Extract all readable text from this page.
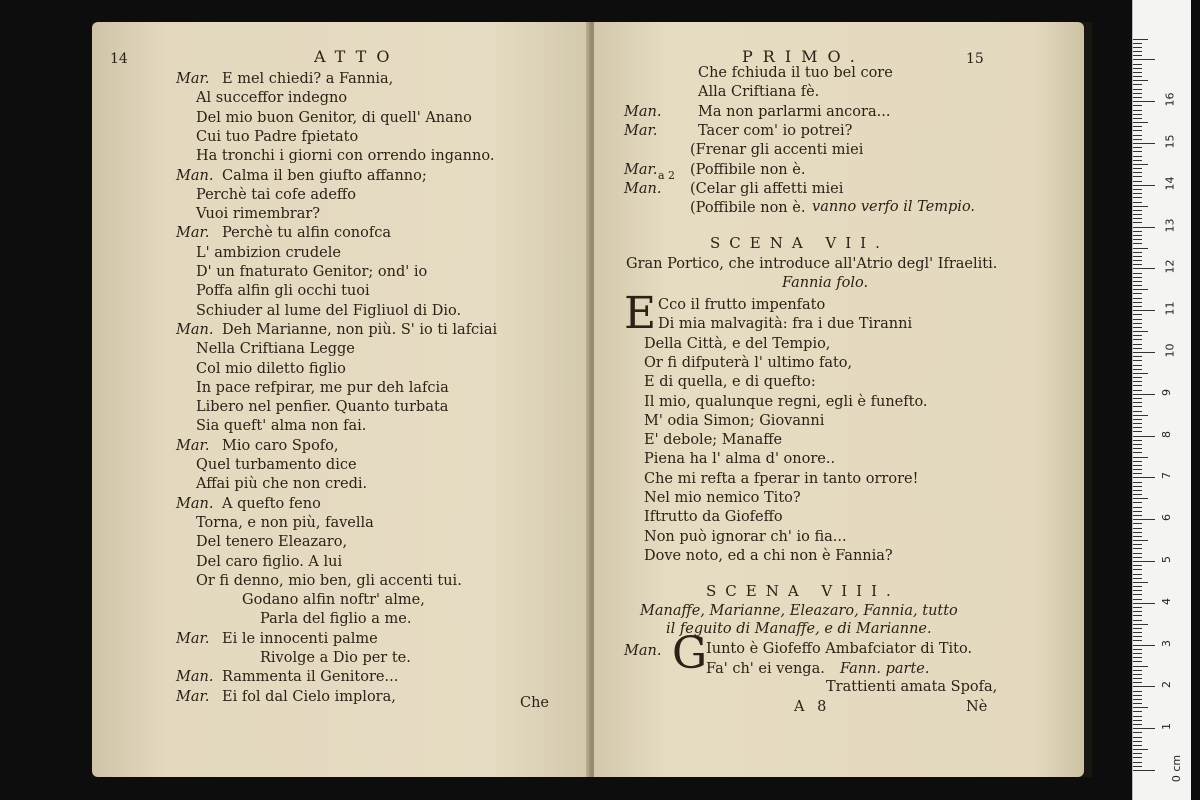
14	ATTO
Mar. E mel chiedi? a Fannia,
Al succeffor indegno
Del mio buon Genitor, di quell' Anano
Cui tuo Padre fpietato
Ha tronchi i giorni con orrendo inganno.
Man. Calma il ben giufto affanno;
Perchè tai cofe adeffo
Vuoi rimembrar?
Mar. Perchè tu alfin conofca
L' ambizion crudele
D' un fnaturato Genitor; ond' io
Poffa alfin gli occhi tuoi
Schiuder al lume del Figliuol di Dio.
Man. Deh Marianne, non più. S' io ti lafciai
Nella Criftiana Legge
Col mio diletto figlio
In pace refpirar, me pur deh lafcia
Libero nel penfier. Quanto turbata
Sia queft' alma non fai.
Mar. Mio caro Spofo,
Quel turbamento dice
Affai più che non credi.
Man. A quefto feno
Torna, e non più, favella
Del tenero Eleazaro,
Del caro figlio. A lui
Or fi denno, mio ben, gli accenti tui.
Godano alfin noftr' alme,
Parla del figlio a me.
Mar. Ei le innocenti palme
Rivolge a Dio per te.
Man. Rammenta il Genitore...
Mar. Ei fol dal Cielo implora,	Che
PRIMO.	15
Che fchiuda il tuo bel core
Alla Criftiana fè.
Man.	Ma non parlarmi ancora...
Mar.	Tacer com' io potrei?
(Frenar gli accenti miei
Mar. (Poffibile non è.
Man. (Celar gli affetti miei
(Poffibile non è.
a 2
vanno verfo il Tempio.
SCENA VII.
Gran Portico, che introduce all'Atrio degl' Ifraeliti.
Fannia folo.
E Cco il frutto impenfato
Di mia malvagità: fra i due Tiranni
Della Città, e del Tempio,
Or fi difputerà l' ultimo fato,
E di quella, e di quefto:
Il mio, qualunque regni, egli è funefto.
M' odia Simon; Giovanni
E' debole; Manaffe
Piena ha l' alma d' onore..
Che mi refta a fperar in tanto orrore!
Nel mio nemico Tito?
Iftrutto da Giofeffo
Non può ignorar ch' io fia...
Dove noto, ed a chi non è Fannia?
SCENA VIII.
Manaffe, Marianne, Eleazaro, Fannia, tutto
il feguito di Manaffe, e di Marianne.
Man. G
Iunto è Giofeffo Ambafciator di Tito.
Fa' ch' ei venga. Fann. parte.
Trattienti amata Spofa,
A 8	Nè
0 cm
1
2
3
4
5
6
7
8
9
10
11
12
13
14
15
16
